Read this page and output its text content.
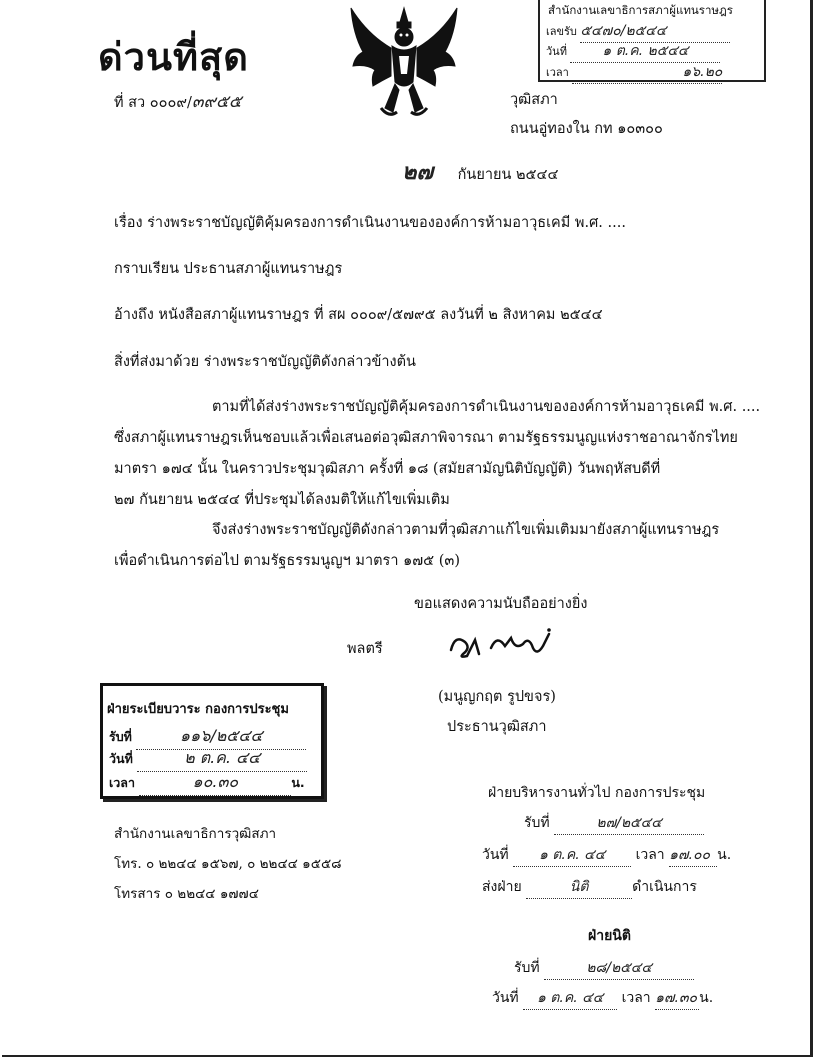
ด่วนที่สุด
สำนักงานเลขาธิการสภาผู้แทนราษฎร
เลขรับ ๕๔๗๐/๒๕๔๔
วันที่	๑ ต.ค. ๒๕๔๔
เวลา	๑๖.๒๐
ที่ สว ๐๐๐๙/๓๙๕๕	วุฒิสภา
ถนนอู่ทองใน กท ๑๐๓๐๐
๒๗ กันยายน ๒๕๔๔
เรื่อง ร่างพระราชบัญญัติคุ้มครองการดำเนินงานขององค์การห้ามอาวุธเคมี พ.ศ. ....
กราบเรียน ประธานสภาผู้แทนราษฎร
อ้างถึง หนังสือสภาผู้แทนราษฎร ที่ สผ ๐๐๐๙/๕๗๙๕ ลงวันที่ ๒ สิงหาคม ๒๕๔๔
สิ่งที่ส่งมาด้วย ร่างพระราชบัญญัติดังกล่าวข้างต้น
ตามที่ได้ส่งร่างพระราชบัญญัติคุ้มครองการดำเนินงานขององค์การห้ามอาวุธเคมี พ.ศ. ....
ซึ่งสภาผู้แทนราษฎรเห็นชอบแล้วเพื่อเสนอต่อวุฒิสภาพิจารณา ตามรัฐธรรมนูญแห่งราชอาณาจักรไทย
มาตรา ๑๗๔ นั้น ในคราวประชุมวุฒิสภา ครั้งที่ ๑๘ (สมัยสามัญนิติบัญญัติ) วันพฤหัสบดีที่
๒๗ กันยายน ๒๕๔๔ ที่ประชุมได้ลงมติให้แก้ไขเพิ่มเติม
จึงส่งร่างพระราชบัญญัติดังกล่าวตามที่วุฒิสภาแก้ไขเพิ่มเติมมายังสภาผู้แทนราษฎร
เพื่อดำเนินการต่อไป ตามรัฐธรรมนูญฯ มาตรา ๑๗๕ (๓)
ขอแสดงความนับถืออย่างยิ่ง
พลตรี
(มนูญกฤต รูปขจร)
ประธานวุฒิสภา
ฝ่ายระเบียบวาระ กองการประชุม
รับที่	๑๑๖/๒๕๔๔
วันที่	๒ ต.ค. ๔๔
เวลา	๑๐.๓๐	น.
สำนักงานเลขาธิการวุฒิสภา
โทร. ๐ ๒๒๔๔ ๑๕๖๗, ๐ ๒๒๔๔ ๑๕๕๘
โทรสาร ๐ ๒๒๔๔ ๑๗๗๔
ฝ่ายบริหารงานทั่วไป กองการประชุม
รับที่	๒๗/๒๕๔๔
วันที่ ๑ ต.ค. ๔๔ เวลา ๑๗.๐๐ น.
ส่งฝ่าย	นิติ	ดำเนินการ
ฝ่ายนิติ
รับที่	๒๘/๒๕๔๔
วันที่ ๑ ต.ค. ๔๔ เวลา ๑๗.๓๐ น.
